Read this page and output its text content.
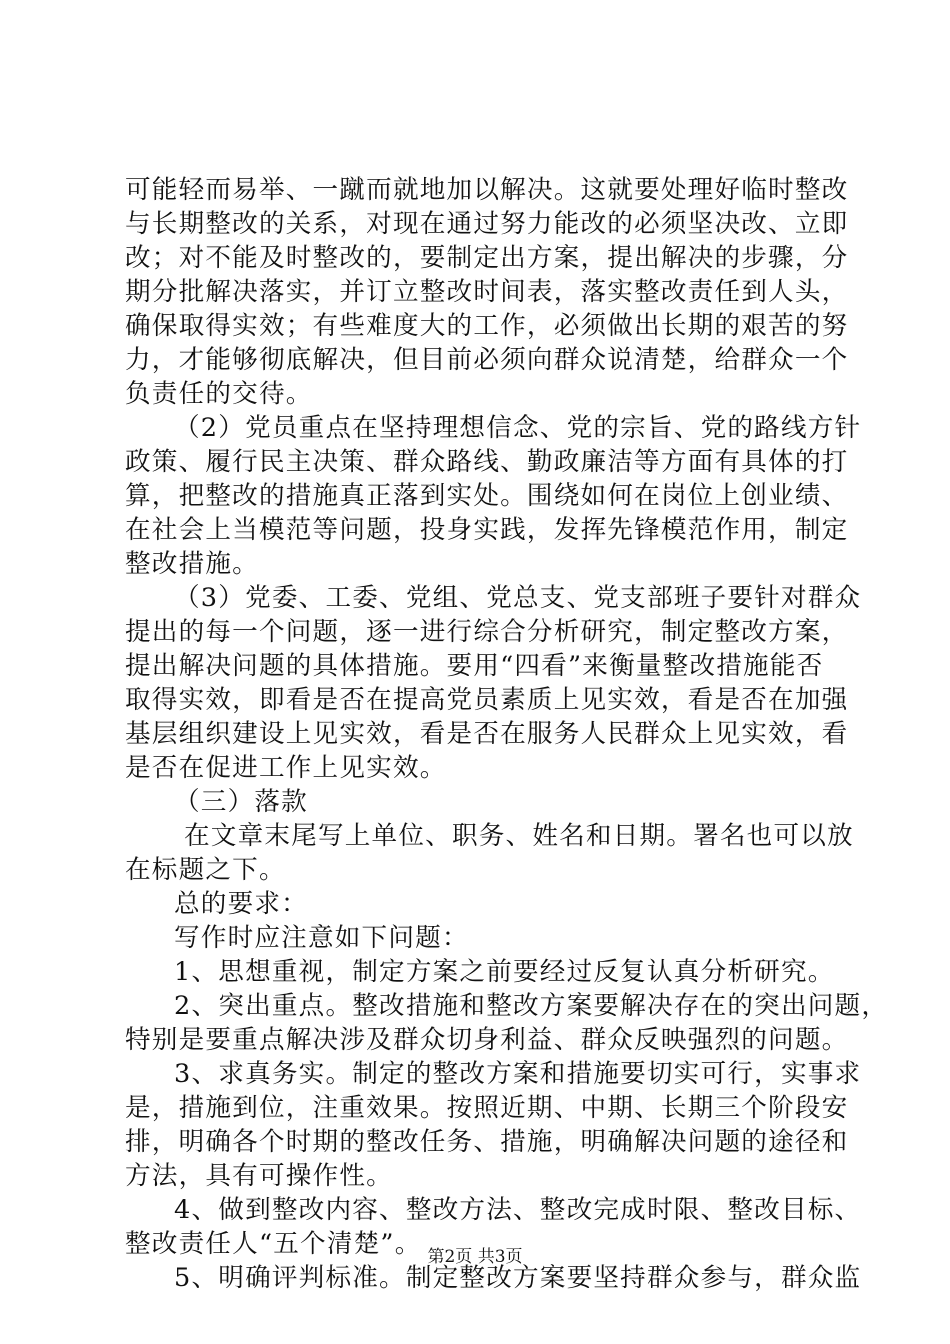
可能轻而易举、一蹴而就地加以解决。这就要处理好临时整改
与长期整改的关系，对现在通过努力能改的必须坚决改、立即
改；对不能及时整改的，要制定出方案，提出解决的步骤，分
期分批解决落实，并订立整改时间表，落实整改责任到人头，
确保取得实效；有些难度大的工作，必须做出长期的艰苦的努
力，才能够彻底解决，但目前必须向群众说清楚，给群众一个
负责任的交待。
（2）党员重点在坚持理想信念、党的宗旨、党的路线方针
政策、履行民主决策、群众路线、勤政廉洁等方面有具体的打
算，把整改的措施真正落到实处。围绕如何在岗位上创业绩、
在社会上当模范等问题，投身实践，发挥先锋模范作用，制定
整改措施。
（3）党委、工委、党组、党总支、党支部班子要针对群众
提出的每一个问题，逐一进行综合分析研究，制定整改方案，
提出解决问题的具体措施。要用“四看”来衡量整改措施能否
取得实效，即看是否在提高党员素质上见实效，看是否在加强
基层组织建设上见实效，看是否在服务人民群众上见实效，看
是否在促进工作上见实效。
（三）落款
在文章末尾写上单位、职务、姓名和日期。署名也可以放
在标题之下。
总的要求：
写作时应注意如下问题：
1、思想重视，制定方案之前要经过反复认真分析研究。
2、突出重点。整改措施和整改方案要解决存在的突出问题，
特别是要重点解决涉及群众切身利益、群众反映强烈的问题。
3、求真务实。制定的整改方案和措施要切实可行，实事求
是，措施到位，注重效果。按照近期、中期、长期三个阶段安
排，明确各个时期的整改任务、措施，明确解决问题的途径和
方法，具有可操作性。
4、做到整改内容、整改方法、整改完成时限、整改目标、
整改责任人“五个清楚”。
5、明确评判标准。制定整改方案要坚持群众参与，群众监
第2页 共3页
